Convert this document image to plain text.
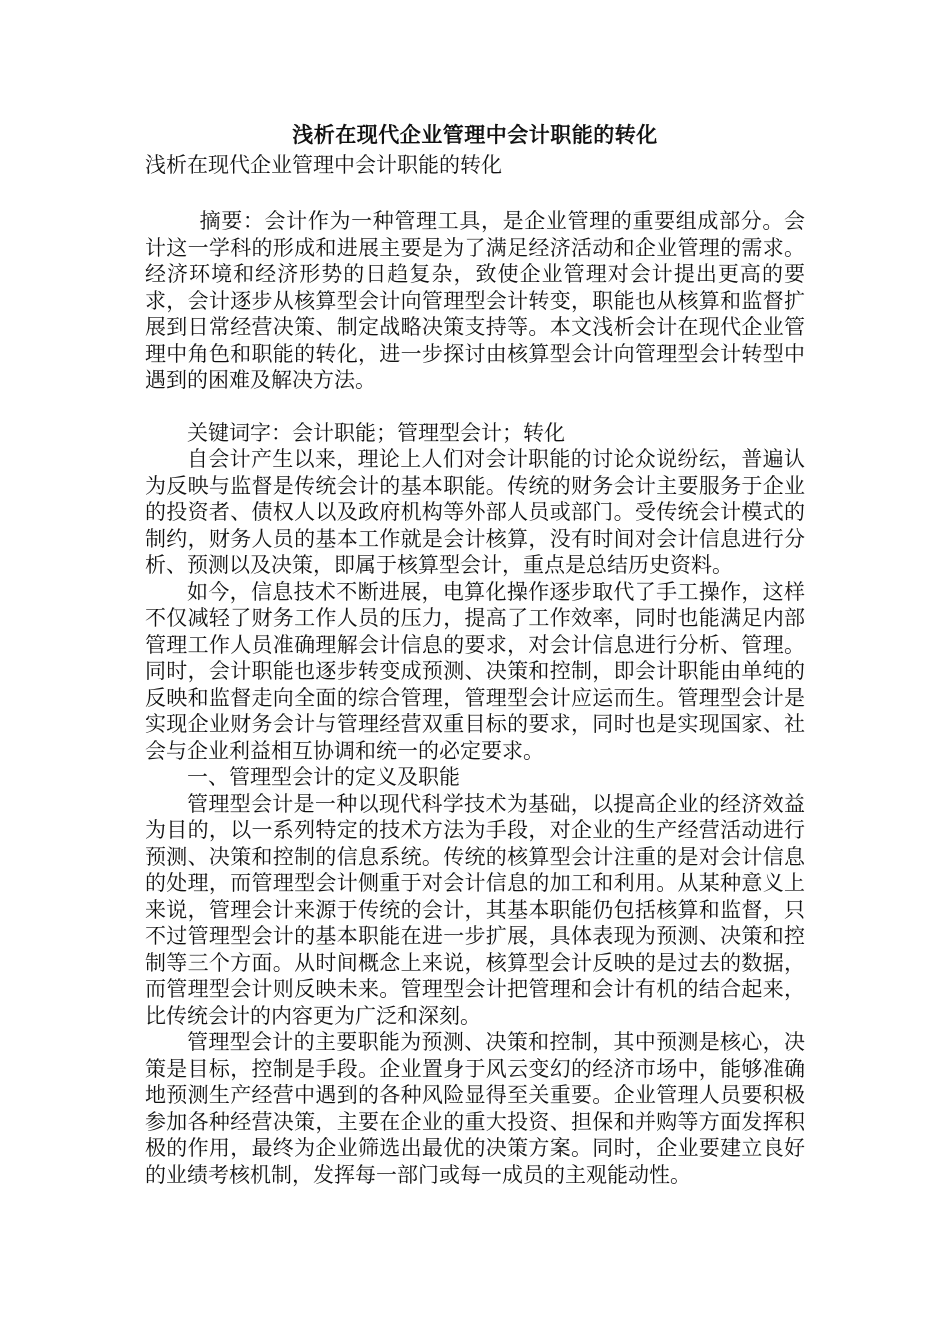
浅析在现代企业管理中会计职能的转化

浅析在现代企业管理中会计职能的转化

摘要：会计作为一种管理工具，是企业管理的重要组成部分。会计这一学科的形成和进展主要是为了满足经济活动和企业管理的需求。经济环境和经济形势的日趋复杂，致使企业管理对会计提出更高的要求，会计逐步从核算型会计向管理型会计转变，职能也从核算和监督扩展到日常经营决策、制定战略决策支持等。本文浅析会计在现代企业管理中角色和职能的转化，进一步探讨由核算型会计向管理型会计转型中遇到的困难及解决方法。

关键词字：会计职能；管理型会计；转化

自会计产生以来，理论上人们对会计职能的讨论众说纷纭，普遍认为反映与监督是传统会计的基本职能。传统的财务会计主要服务于企业的投资者、债权人以及政府机构等外部人员或部门。受传统会计模式的制约，财务人员的基本工作就是会计核算，没有时间对会计信息进行分析、预测以及决策，即属于核算型会计，重点是总结历史资料。

如今，信息技术不断进展，电算化操作逐步取代了手工操作，这样不仅减轻了财务工作人员的压力，提高了工作效率，同时也能满足内部管理工作人员准确理解会计信息的要求，对会计信息进行分析、管理。同时，会计职能也逐步转变成预测、决策和控制，即会计职能由单纯的反映和监督走向全面的综合管理，管理型会计应运而生。管理型会计是实现企业财务会计与管理经营双重目标的要求，同时也是实现国家、社会与企业利益相互协调和统一的必定要求。

一、管理型会计的定义及职能

管理型会计是一种以现代科学技术为基础，以提高企业的经济效益为目的，以一系列特定的技术方法为手段，对企业的生产经营活动进行预测、决策和控制的信息系统。传统的核算型会计注重的是对会计信息的处理，而管理型会计侧重于对会计信息的加工和利用。从某种意义上来说，管理会计来源于传统的会计，其基本职能仍包括核算和监督，只不过管理型会计的基本职能在进一步扩展，具体表现为预测、决策和控制等三个方面。从时间概念上来说，核算型会计反映的是过去的数据，而管理型会计则反映未来。管理型会计把管理和会计有机的结合起来，比传统会计的内容更为广泛和深刻。

管理型会计的主要职能为预测、决策和控制，其中预测是核心，决策是目标，控制是手段。企业置身于风云变幻的经济市场中，能够准确地预测生产经营中遇到的各种风险显得至关重要。企业管理人员要积极参加各种经营决策，主要在企业的重大投资、担保和并购等方面发挥积极的作用，最终为企业筛选出最优的决策方案。同时，企业要建立良好的业绩考核机制，发挥每一部门或每一成员的主观能动性。
